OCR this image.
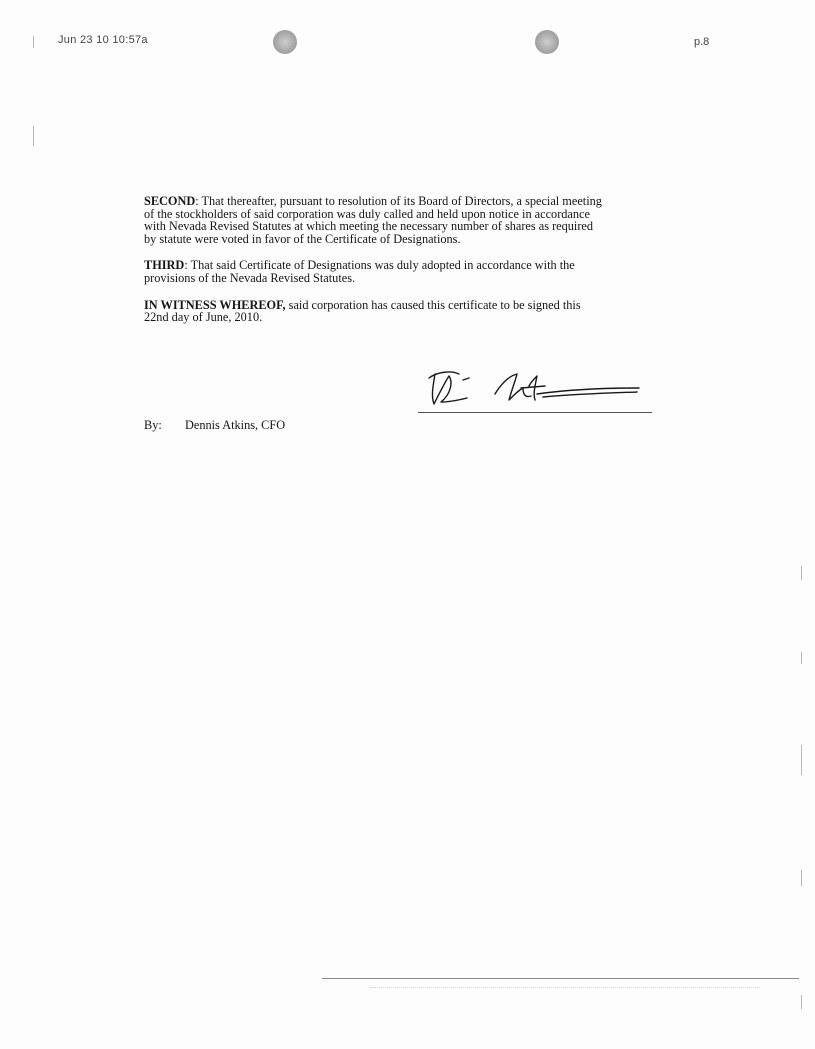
Jun 23 10 10:57a	p.8

SECOND: That thereafter, pursuant to resolution of its Board of Directors, a special meeting
of the stockholders of said corporation was duly called and held upon notice in accordance
with Nevada Revised Statutes at which meeting the necessary number of shares as required
by statute were voted in favor of the Certificate of Designations.

THIRD: That said Certificate of Designations was duly adopted in accordance with the
provisions of the Nevada Revised Statutes.

IN WITNESS WHEREOF, said corporation has caused this certificate to be signed this
22nd day of June, 2010.

By: Dennis Atkins, CFO
